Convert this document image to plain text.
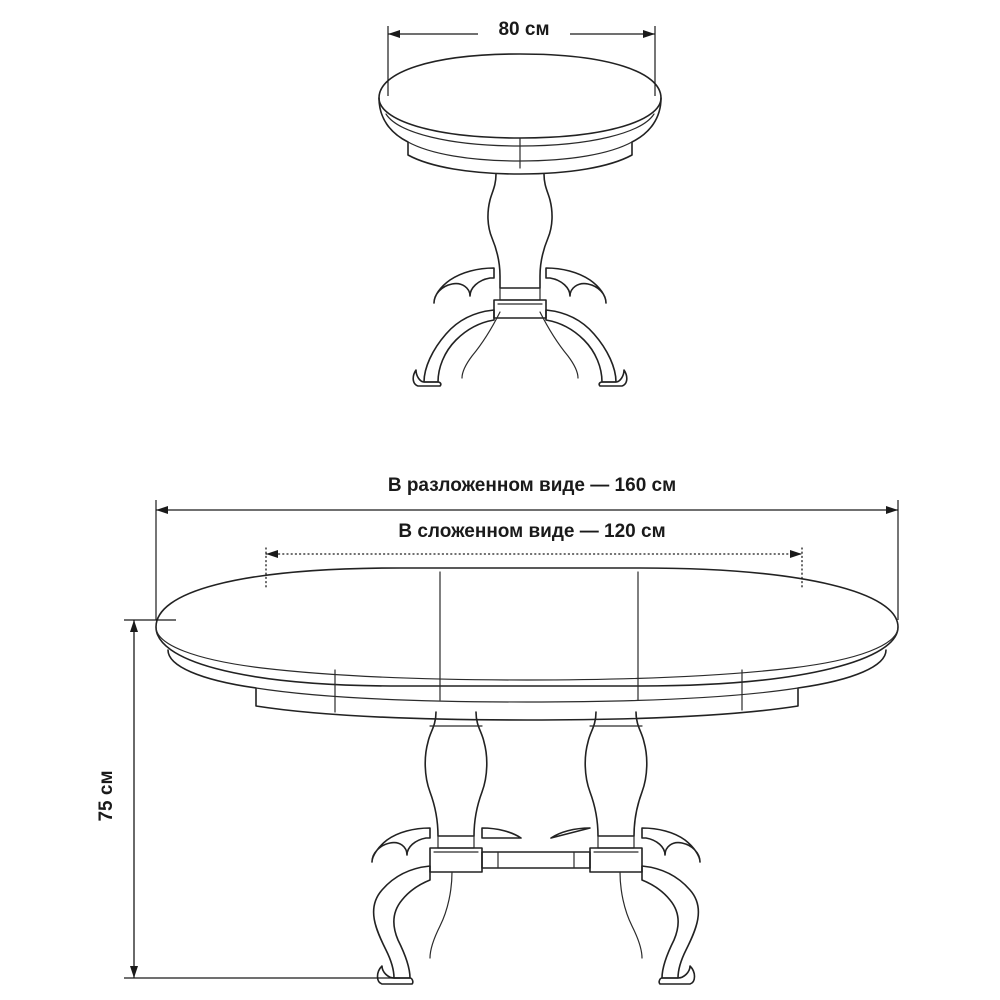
80 см
В разложенном виде — 160 см
В сложенном виде — 120 см
75 см
